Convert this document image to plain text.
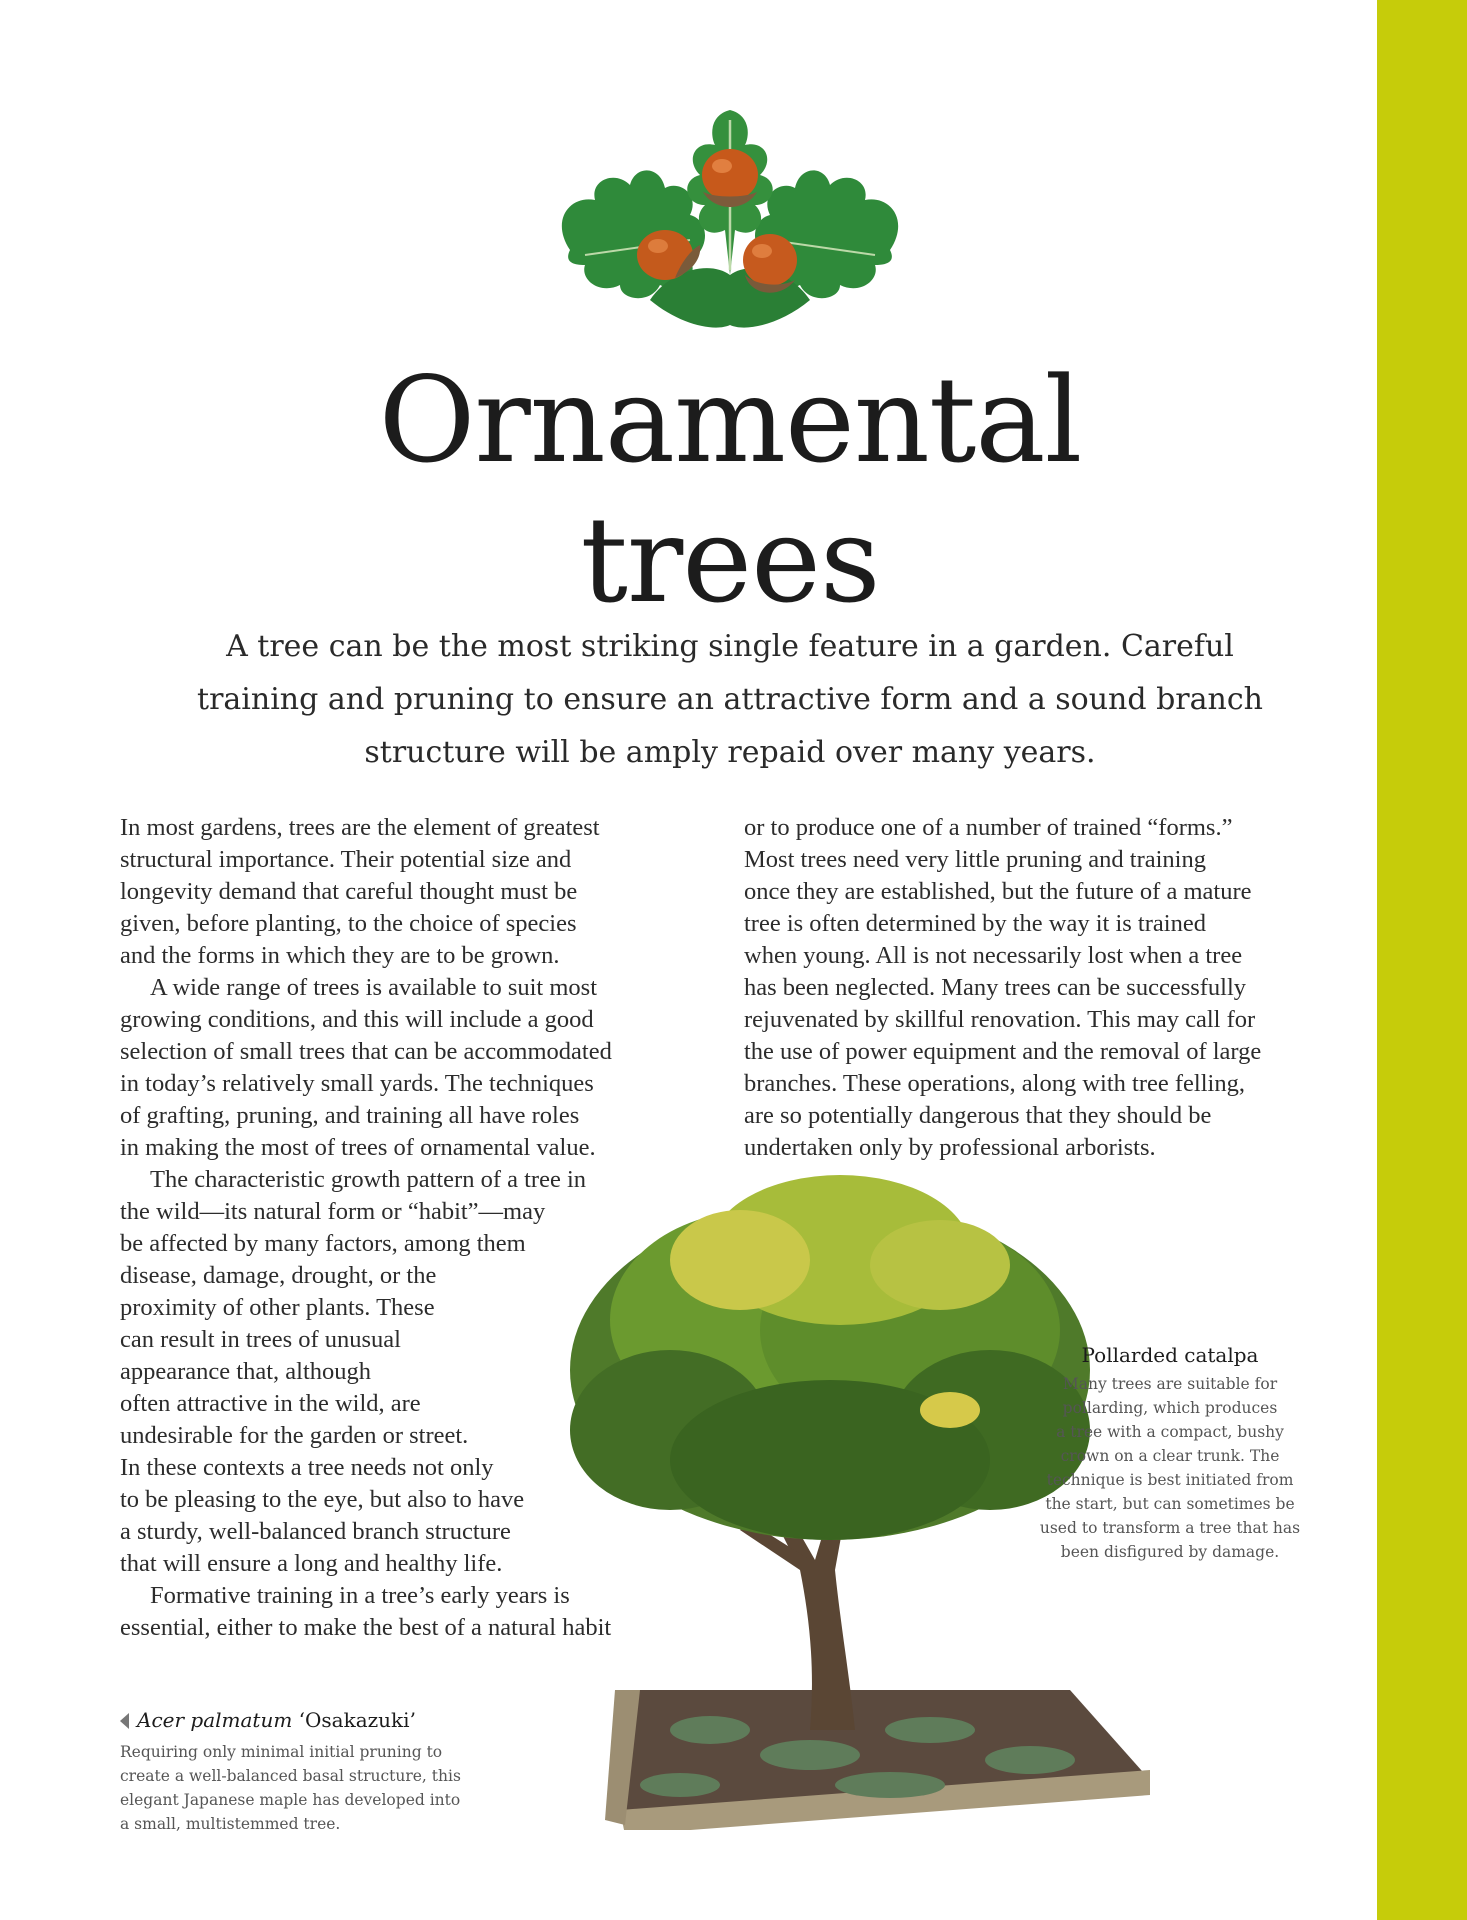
Ornamental
trees
A tree can be the most striking single feature in a garden. Careful
training and pruning to ensure an attractive form and a sound branch
structure will be amply repaid over many years.
In most gardens, trees are the element of greatest
structural importance. Their potential size and
longevity demand that careful thought must be
given, before planting, to the choice of species
and the forms in which they are to be grown.
A wide range of trees is available to suit most
growing conditions, and this will include a good
selection of small trees that can be accommodated
in today’s relatively small yards. The techniques
of grafting, pruning, and training all have roles
in making the most of trees of ornamental value.
The characteristic growth pattern of a tree in
the wild—its natural form or “habit”—may
be affected by many factors, among them
disease, damage, drought, or the
proximity of other plants. These
can result in trees of unusual
appearance that, although
often attractive in the wild, are
undesirable for the garden or street.
In these contexts a tree needs not only
to be pleasing to the eye, but also to have
a sturdy, well-balanced branch structure
that will ensure a long and healthy life.
Formative training in a tree’s early years is
essential, either to make the best of a natural habit
or to produce one of a number of trained “forms.”
Most trees need very little pruning and training
once they are established, but the future of a mature
tree is often determined by the way it is trained
when young. All is not necessarily lost when a tree
has been neglected. Many trees can be successfully
rejuvenated by skillful renovation. This may call for
the use of power equipment and the removal of large
branches. These operations, along with tree felling,
are so potentially dangerous that they should be
undertaken only by professional arborists.
Pollarded catalpa
Many trees are suitable for
pollarding, which produces
a tree with a compact, bushy
crown on a clear trunk. The
technique is best initiated from
the start, but can sometimes be
used to transform a tree that has
been disfigured by damage.
Acer palmatum ‘Osakazuki’
Requiring only minimal initial pruning to
create a well-balanced basal structure, this
elegant Japanese maple has developed into
a small, multistemmed tree.
